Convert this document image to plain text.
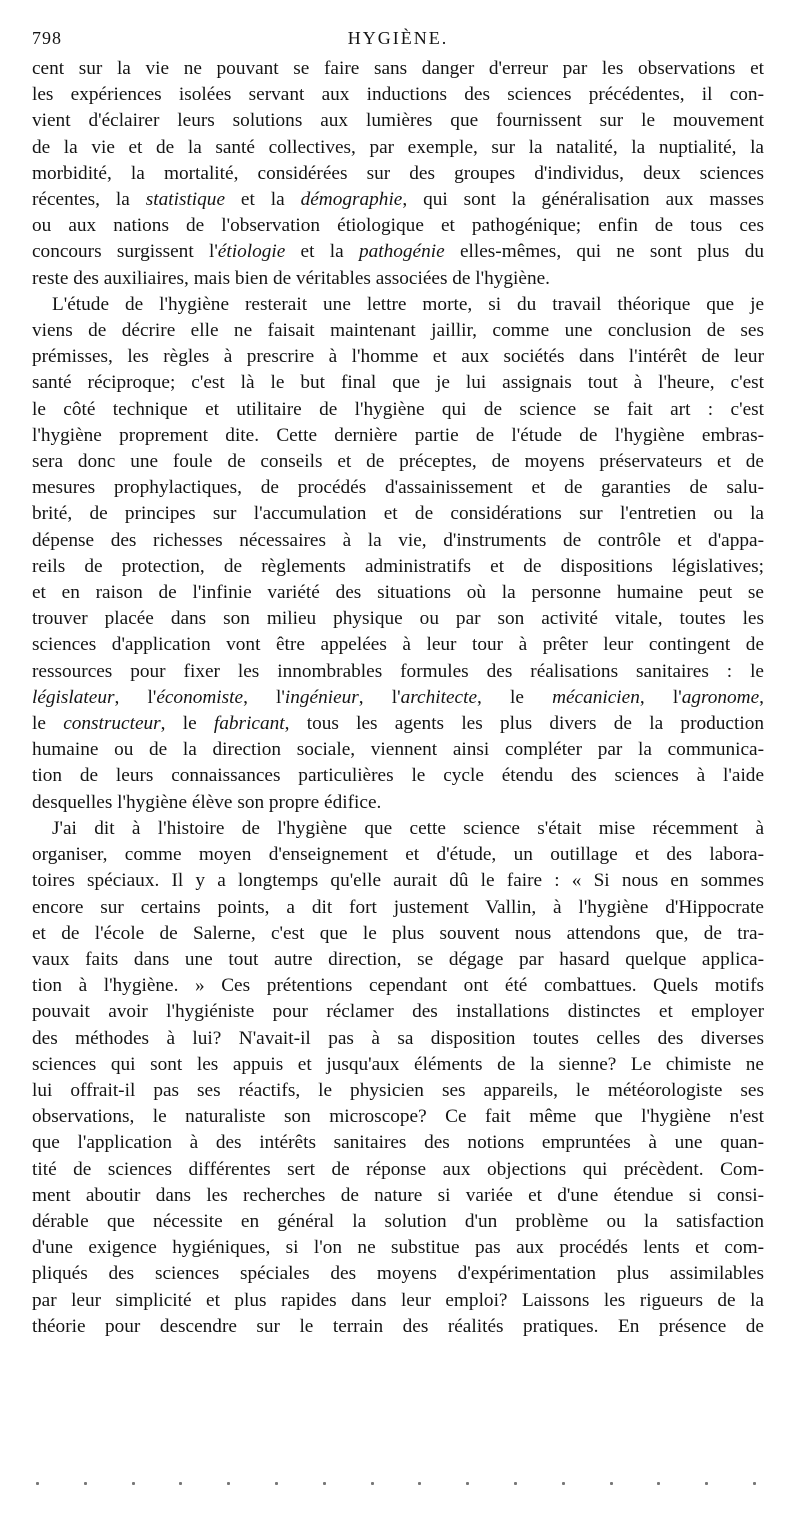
798	HYGIÈNE.
cent sur la vie ne pouvant se faire sans danger d'erreur par les observations et
les expériences isolées servant aux inductions des sciences précédentes, il con-
vient d'éclairer leurs solutions aux lumières que fournissent sur le mouvement
de la vie et de la santé collectives, par exemple, sur la natalité, la nuptialité, la
morbidité, la mortalité, considérées sur des groupes d'individus, deux sciences
récentes, la statistique et la démographie, qui sont la généralisation aux masses
ou aux nations de l'observation étiologique et pathogénique; enfin de tous ces
concours surgissent l'étiologie et la pathogénie elles-mêmes, qui ne sont plus du
reste des auxiliaires, mais bien de véritables associées de l'hygiène.
L'étude de l'hygiène resterait une lettre morte, si du travail théorique que je
viens de décrire elle ne faisait maintenant jaillir, comme une conclusion de ses
prémisses, les règles à prescrire à l'homme et aux sociétés dans l'intérêt de leur
santé réciproque; c'est là le but final que je lui assignais tout à l'heure, c'est
le côté technique et utilitaire de l'hygiène qui de science se fait art : c'est
l'hygiène proprement dite. Cette dernière partie de l'étude de l'hygiène embras-
sera donc une foule de conseils et de préceptes, de moyens préservateurs et de
mesures prophylactiques, de procédés d'assainissement et de garanties de salu-
brité, de principes sur l'accumulation et de considérations sur l'entretien ou la
dépense des richesses nécessaires à la vie, d'instruments de contrôle et d'appa-
reils de protection, de règlements administratifs et de dispositions législatives;
et en raison de l'infinie variété des situations où la personne humaine peut se
trouver placée dans son milieu physique ou par son activité vitale, toutes les
sciences d'application vont être appelées à leur tour à prêter leur contingent de
ressources pour fixer les innombrables formules des réalisations sanitaires : le
législateur, l'économiste, l'ingénieur, l'architecte, le mécanicien, l'agronome,
le constructeur, le fabricant, tous les agents les plus divers de la production
humaine ou de la direction sociale, viennent ainsi compléter par la communica-
tion de leurs connaissances particulières le cycle étendu des sciences à l'aide
desquelles l'hygiène élève son propre édifice.
J'ai dit à l'histoire de l'hygiène que cette science s'était mise récemment à
organiser, comme moyen d'enseignement et d'étude, un outillage et des labora-
toires spéciaux. Il y a longtemps qu'elle aurait dû le faire : « Si nous en sommes
encore sur certains points, a dit fort justement Vallin, à l'hygiène d'Hippocrate
et de l'école de Salerne, c'est que le plus souvent nous attendons que, de tra-
vaux faits dans une tout autre direction, se dégage par hasard quelque applica-
tion à l'hygiène. » Ces prétentions cependant ont été combattues. Quels motifs
pouvait avoir l'hygiéniste pour réclamer des installations distinctes et employer
des méthodes à lui? N'avait-il pas à sa disposition toutes celles des diverses
sciences qui sont les appuis et jusqu'aux éléments de la sienne? Le chimiste ne
lui offrait-il pas ses réactifs, le physicien ses appareils, le météorologiste ses
observations, le naturaliste son microscope? Ce fait même que l'hygiène n'est
que l'application à des intérêts sanitaires des notions empruntées à une quan-
tité de sciences différentes sert de réponse aux objections qui précèdent. Com-
ment aboutir dans les recherches de nature si variée et d'une étendue si consi-
dérable que nécessite en général la solution d'un problème ou la satisfaction
d'une exigence hygiéniques, si l'on ne substitue pas aux procédés lents et com-
pliqués des sciences spéciales des moyens d'expérimentation plus assimilables
par leur simplicité et plus rapides dans leur emploi? Laissons les rigueurs de la
théorie pour descendre sur le terrain des réalités pratiques. En présence de
